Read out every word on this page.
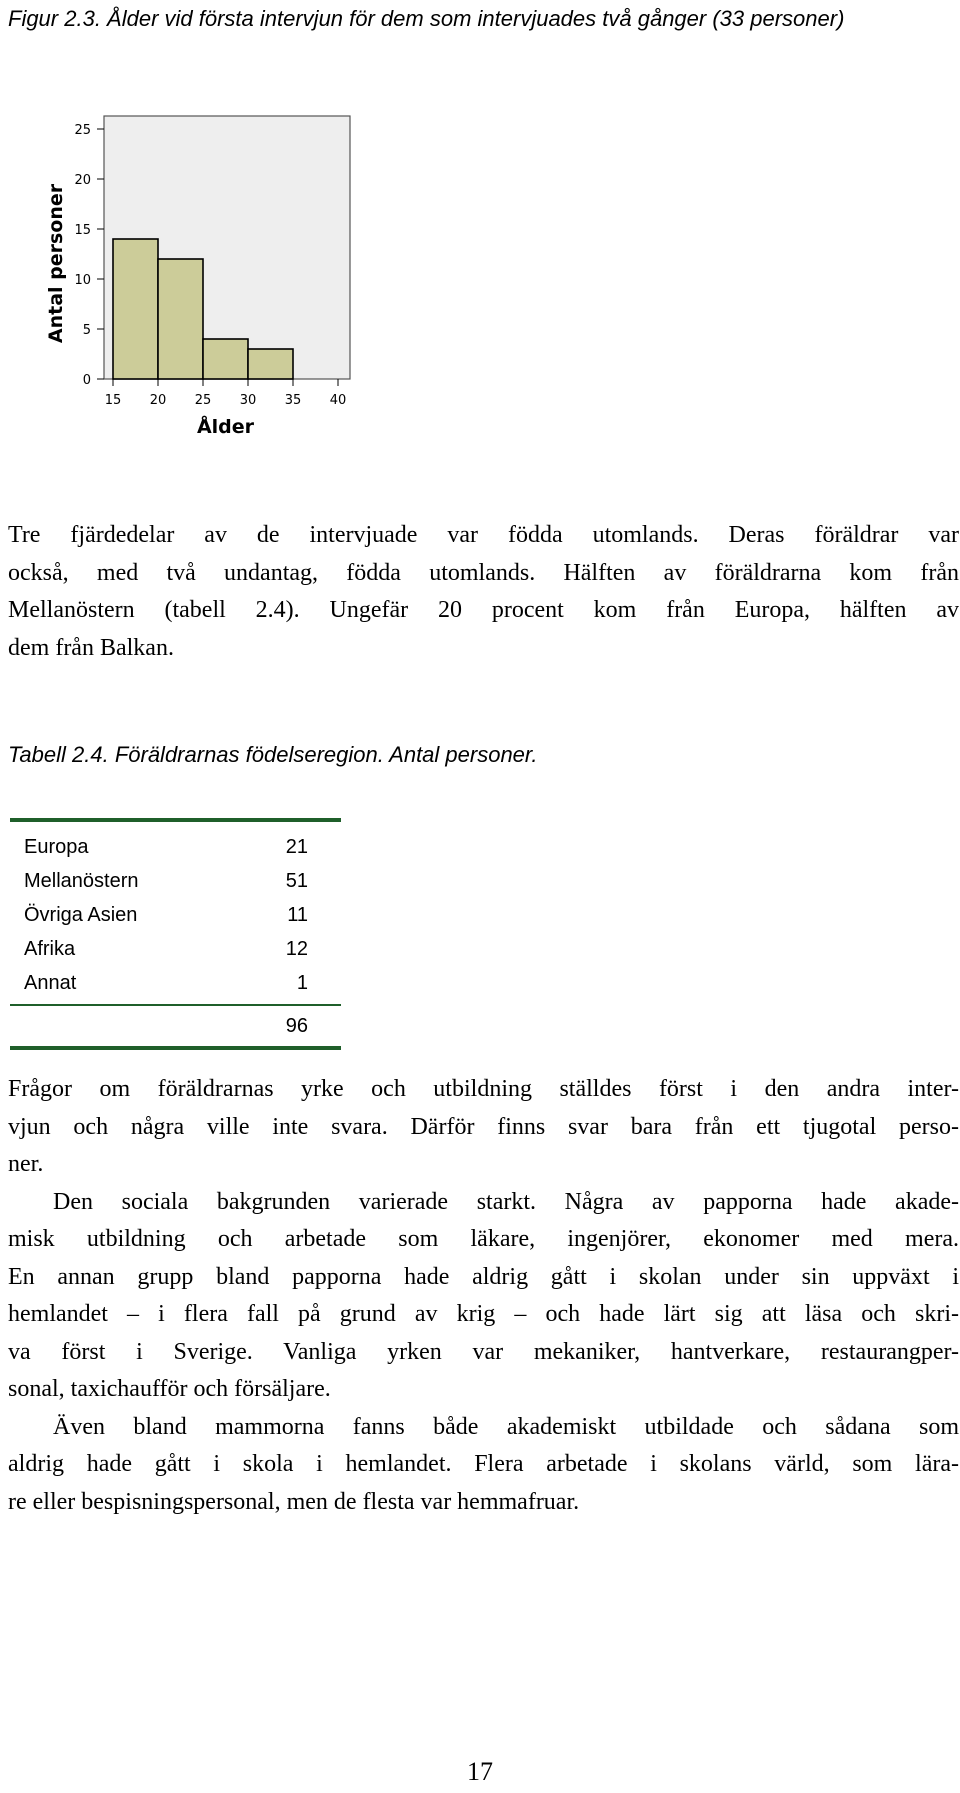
Figur 2.3. Ålder vid första intervjun för dem som intervjuades två gånger (33 personer)
15 20 25 30 35 40
0
5
10
15
20
25
Ålder
Antal personer
Tre fjärdedelar av de intervjuade var födda utomlands. Deras föräldrar var
också, med två undantag, födda utomlands. Hälften av föräldrarna kom från
Mellanöstern (tabell 2.4). Ungefär 20 procent kom från Europa, hälften av
dem från Balkan.
Tabell 2.4. Föräldrarnas födelseregion. Antal personer.
Europa	21
Mellanöstern	51
Övriga Asien	11
Afrika	12
Annat	1
96
Frågor om föräldrarnas yrke och utbildning ställdes först i den andra inter-
vjun och några ville inte svara. Därför finns svar bara från ett tjugotal perso-
ner.
Den sociala bakgrunden varierade starkt. Några av papporna hade akade-
misk utbildning och arbetade som läkare, ingenjörer, ekonomer med mera.
En annan grupp bland papporna hade aldrig gått i skolan under sin uppväxt i
hemlandet – i flera fall på grund av krig – och hade lärt sig att läsa och skri-
va först i Sverige. Vanliga yrken var mekaniker, hantverkare, restaurangper-
sonal, taxichaufför och försäljare.
Även bland mammorna fanns både akademiskt utbildade och sådana som
aldrig hade gått i skola i hemlandet. Flera arbetade i skolans värld, som lära-
re eller bespisningspersonal, men de flesta var hemmafruar.
17
